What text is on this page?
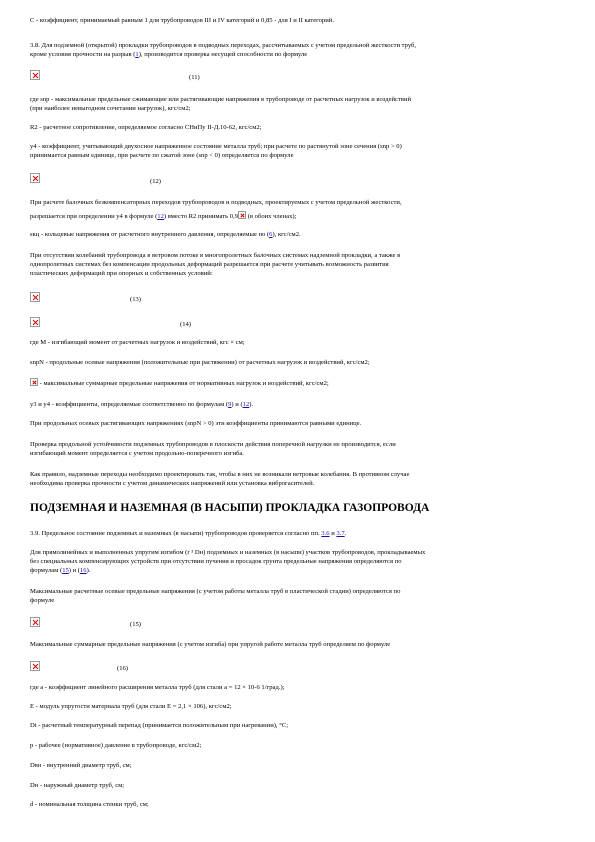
C - коэффициент, принимаемый равным 1 для трубопроводов III и IV категорий и 0,85 - для I и II категорий.
3.8. Для подземной (открытой) прокладки трубопроводов в подводных переходах, рассчитываемых с учетом предельной жесткости труб,
кроме условия прочности на разрыв (1), производится проверка несущей способности по формуле
(11)
где snp - максимальные предельные сжимающие или растягивающие напряжения в трубопроводе от расчетных нагрузок и воздействий
(при наиболее невыгодном сочетании нагрузок), кгс/см2;
R2 - расчетное сопротивление, определяемое согласно СНиПу II-Д.10-62, кгс/см2;
у4 - коэффициент, учитывающий двухосное напряженное состояние металла труб; при расчете по растянутой зоне сечения (snp > 0)
принимается равным единице, при расчете по сжатой зоне (snp < 0) определяется по формуле
(12)
При расчете балочных безкомпенсаторных переходов трубопроводов и подводных, проектируемых с учетом предельной жесткости,
разрешается при определении у4 в формуле (12) вместо R2 принимать 0,9 (в обоих членах);
sкц - кольцевые напряжения от расчетного внутреннего давления, определяемые по (6), кгс/см2.
При отсутствии колебаний трубопровода в ветровом потоке в многопролетных балочных системах надземной прокладки, а также в
однопролетных системах без компенсации продольных деформаций разрешается при расчете учитывать возможность развития
пластических деформаций при опорных и собственных условий:
(13)
(14)
где М - изгибающий момент от расчетных нагрузок и воздействий, кгс × см;
snpN - продольные осевые напряжения (положительные при растяжении) от расчетных нагрузок и воздействий, кгс/см2;
- максимальные суммарные предельные напряжения от нормативных нагрузок и воздействий, кгс/см2;
у3 и у4 - коэффициенты, определяемые соответственно по формулам (9) и (12).
При продольных осевых растягивающих напряжениях (snpN > 0) эти коэффициенты принимаются равными единице.
Проверка продольной устойчивости подземных трубопроводов в плоскости действия поперечной нагрузки не производится, если
изгибающий момент определяется с учетом продольно-поперечного изгиба.
Как правило, надземные переходы необходимо проектировать так, чтобы в них не возникали ветровые колебания. В противном случае
необходима проверка прочности с учетом динамических напряжений или установка виброгасителей.
ПОДЗЕМНАЯ И НАЗЕМНАЯ (В НАСЫПИ) ПРОКЛАДКА ГАЗОПРОВОДА
3.9. Предельное состояние подземных и наземных (в насыпи) трубопроводов проверяется согласно пп. 3.6 и 3.7.
Для прямолинейных и выполненных упругим изгибом (r ³ Dн) подземных и наземных (в насыпи) участков трубопроводов, прокладываемых
без специальных компенсирующих устройств при отсутствии пучения и просадок грунта предельные напряжения определяются по
формулам (15) и (16).
Максимальные расчетные осевые предельные напряжения (с учетом работы металла труб в пластической стадии) определяются по
формуле
(15)
Максимальные суммарные предельные напряжения (с учетом изгиба) при упругой работе металла труб определяем по формуле
(16)
где a - коэффициент линейного расширения металла труб (для стали a = 12 × 10-6 1/град.);
Е - модуль упругости материала труб (для стали Е = 2,1 × 106), кгс/см2;
Dt - расчетный температурный перепад (принимается положительным при нагревании), °С;
р - рабочее (нормативное) давление в трубопроводе, кгс/см2;
Dвн - внутренний диаметр труб, см;
Dн - наружный диаметр труб, см;
d - номинальная толщина стенки труб, см;
